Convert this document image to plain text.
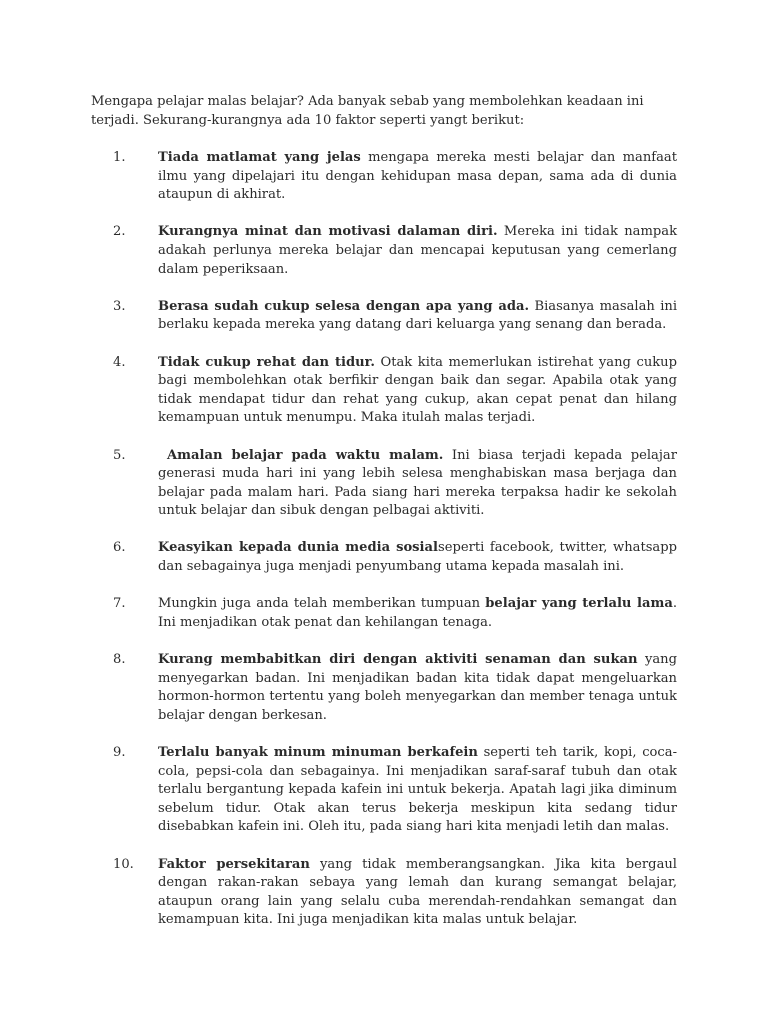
Mengapa pelajar malas belajar? Ada banyak sebab yang membolehkan keadaan ini terjadi. Sekurang-kurangnya ada 10 faktor seperti yangt berikut:

1.	Tiada matlamat yang jelas mengapa mereka mesti belajar dan manfaat ilmu yang dipelajari itu dengan kehidupan masa depan, sama ada di dunia ataupun di akhirat.
2.	Kurangnya minat dan motivasi dalaman diri. Mereka ini tidak nampak adakah perlunya mereka belajar dan mencapai keputusan yang cemerlang dalam peperiksaan.
3.	Berasa sudah cukup selesa dengan apa yang ada. Biasanya masalah ini berlaku kepada mereka yang datang dari keluarga yang senang dan berada.
4.	Tidak cukup rehat dan tidur. Otak kita memerlukan istirehat yang cukup bagi membolehkan otak berfikir dengan baik dan segar. Apabila otak yang tidak mendapat tidur dan rehat yang cukup, akan cepat penat dan hilang kemampuan untuk menumpu. Maka itulah malas terjadi.
5.	Amalan belajar pada waktu malam. Ini biasa terjadi kepada pelajar generasi muda hari ini yang lebih selesa menghabiskan masa berjaga dan belajar pada malam hari. Pada siang hari mereka terpaksa hadir ke sekolah untuk belajar dan sibuk dengan pelbagai aktiviti.
6.	Keasyikan kepada dunia media sosialseperti facebook, twitter, whatsapp dan sebagainya juga menjadi penyumbang utama kepada masalah ini.
7.	Mungkin juga anda telah memberikan tumpuan belajar yang terlalu lama. Ini menjadikan otak penat dan kehilangan tenaga.
8.	Kurang membabitkan diri dengan aktiviti senaman dan sukan yang menyegarkan badan. Ini menjadikan badan kita tidak dapat mengeluarkan hormon-hormon tertentu yang boleh menyegarkan dan member tenaga untuk belajar dengan berkesan.
9.	Terlalu banyak minum minuman berkafein seperti teh tarik, kopi, coca-cola, pepsi-cola dan sebagainya. Ini menjadikan saraf-saraf tubuh dan otak terlalu bergantung kepada kafein ini untuk bekerja. Apatah lagi jika diminum sebelum tidur. Otak akan terus bekerja meskipun kita sedang tidur disebabkan kafein ini. Oleh itu, pada siang hari kita menjadi letih dan malas.
10.	Faktor persekitaran yang tidak memberangsangkan. Jika kita bergaul dengan rakan-rakan sebaya yang lemah dan kurang semangat belajar, ataupun orang lain yang selalu cuba merendah-rendahkan semangat dan kemampuan kita. Ini juga menjadikan kita malas untuk belajar.
